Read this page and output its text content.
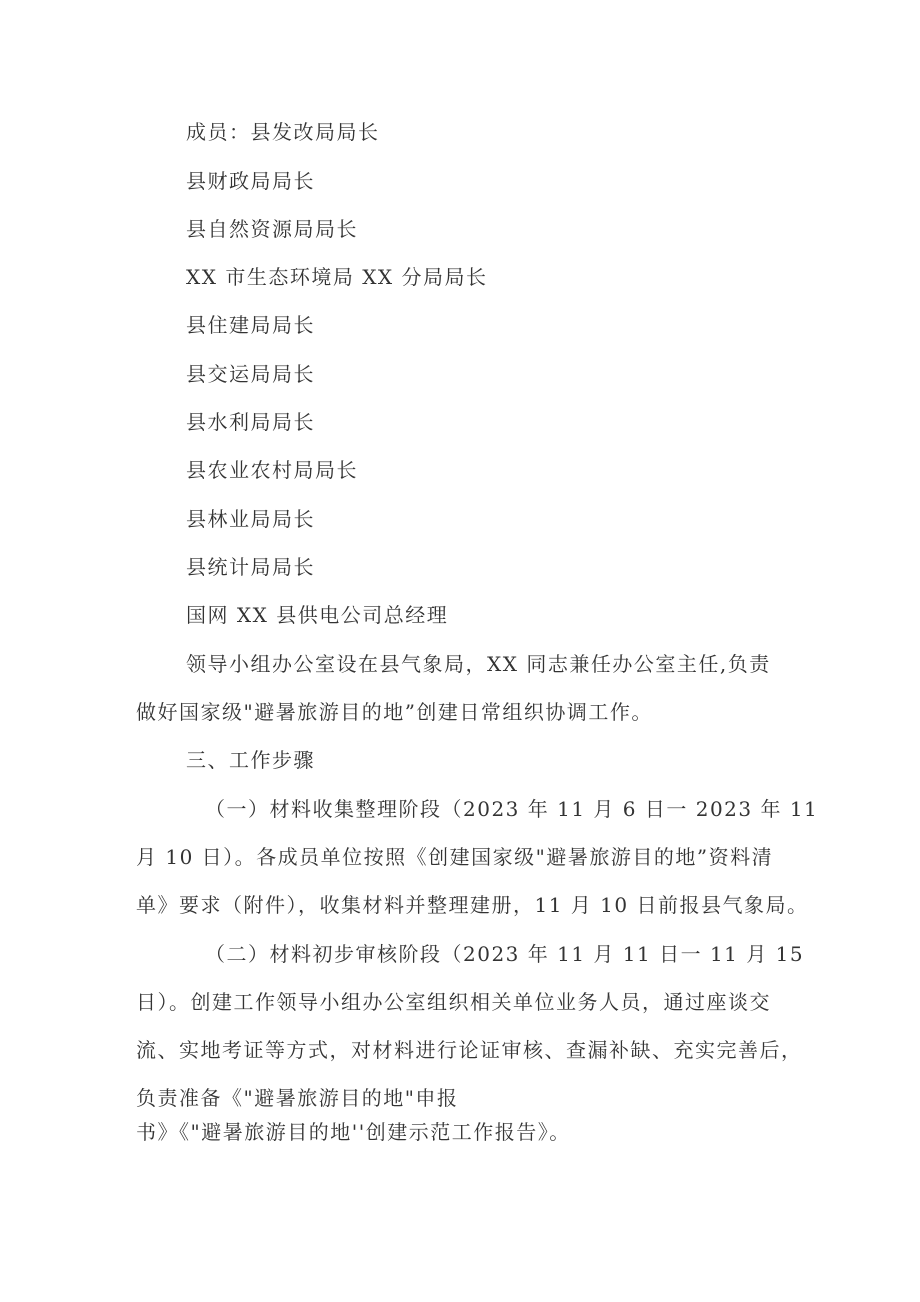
成员：县发改局局长
县财政局局长
县自然资源局局长
XX 市生态环境局 XX 分局局长
县住建局局长
县交运局局长
县水利局局长
县农业农村局局长
县林业局局长
县统计局局长
国网 XX 县供电公司总经理
领导小组办公室设在县气象局，XX 同志兼任办公室主任,负责
做好国家级"避暑旅游目的地”创建日常组织协调工作。
三、工作步骤
（一）材料收集整理阶段（2023 年 11 月 6 日一 2023 年 11
月 10 日）。各成员单位按照《创建国家级"避暑旅游目的地”资料清
单》要求（附件），收集材料并整理建册，11 月 10 日前报县气象局。
（二）材料初步审核阶段（2023 年 11 月 11 日一 11 月 15
日）。创建工作领导小组办公室组织相关单位业务人员，通过座谈交
流、实地考证等方式，对材料进行论证审核、查漏补缺、充实完善后，
负责准备《"避暑旅游目的地"申报
书》《"避暑旅游目的地''创建示范工作报告》。
